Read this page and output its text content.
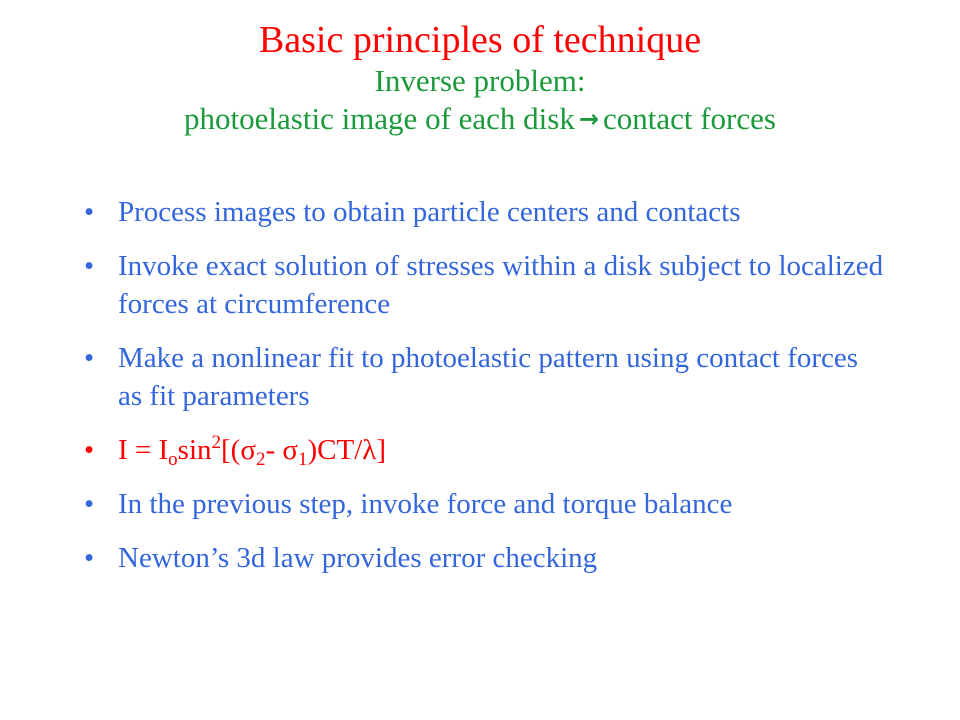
Basic principles of technique
Inverse problem:
photoelastic image of each disk → contact forces
• Process images to obtain particle centers and contacts
• Invoke exact solution of stresses within a disk subject to localized forces at circumference
• Make a nonlinear fit to photoelastic pattern using contact forces as fit parameters
• $I = I_o\sin^2[(\sigma_2-$ $\sigma_1)CT/\lambda$]
• In the previous step, invoke force and torque balance
• Newton’s 3d law provides error checking
